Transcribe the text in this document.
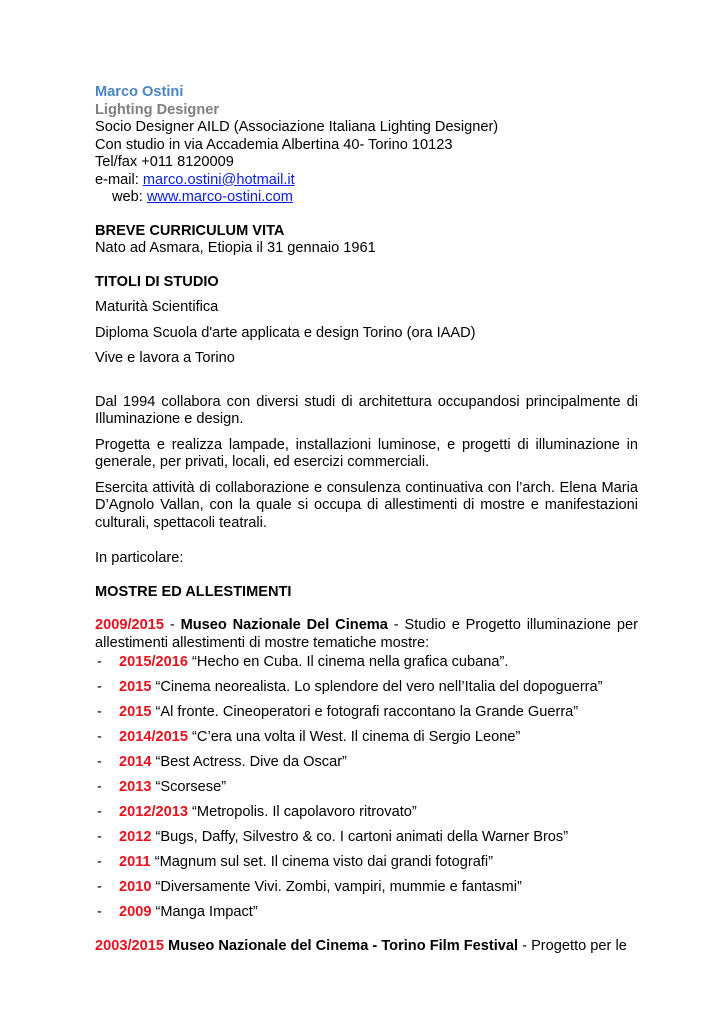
Marco Ostini
Lighting Designer
Socio Designer AILD (Associazione Italiana Lighting Designer)
Con studio in via Accademia Albertina 40- Torino 10123
Tel/fax +011 8120009
e-mail: marco.ostini@hotmail.it
web: www.marco-ostini.com
BREVE CURRICULUM VITA
Nato ad Asmara, Etiopia il 31 gennaio 1961
TITOLI DI STUDIO
Maturità Scientifica
Diploma Scuola d'arte applicata e design Torino (ora IAAD)
Vive e lavora a Torino
Dal 1994 collabora con diversi studi di architettura occupandosi principalmente di Illuminazione e design.
Progetta e realizza lampade, installazioni luminose, e progetti di illuminazione in generale, per privati, locali, ed esercizi commerciali.
Esercita attività di collaborazione e consulenza continuativa con l’arch. Elena Maria D’Agnolo Vallan, con la quale si occupa di allestimenti di mostre e manifestazioni culturali, spettacoli teatrali.
In particolare:
MOSTRE ED ALLESTIMENTI
2009/2015 - Museo Nazionale Del Cinema - Studio e Progetto illuminazione per allestimenti allestimenti di mostre tematiche mostre:
- 2015/2016 “Hecho en Cuba. Il cinema nella grafica cubana”.
- 2015 “Cinema neorealista. Lo splendore del vero nell’Italia del dopoguerra”
- 2015 “Al fronte. Cineoperatori e fotografi raccontano la Grande Guerra”
- 2014/2015 “C’era una volta il West. Il cinema di Sergio Leone”
- 2014 “Best Actress. Dive da Oscar”
- 2013 “Scorsese”
- 2012/2013 “Metropolis. Il capolavoro ritrovato”
- 2012 “Bugs, Daffy, Silvestro & co. I cartoni animati della Warner Bros”
- 2011 “Magnum sul set. Il cinema visto dai grandi fotografi”
- 2010 “Diversamente Vivi. Zombi, vampiri, mummie e fantasmi”
- 2009 “Manga Impact”
2003/2015 Museo Nazionale del Cinema - Torino Film Festival - Progetto per le
